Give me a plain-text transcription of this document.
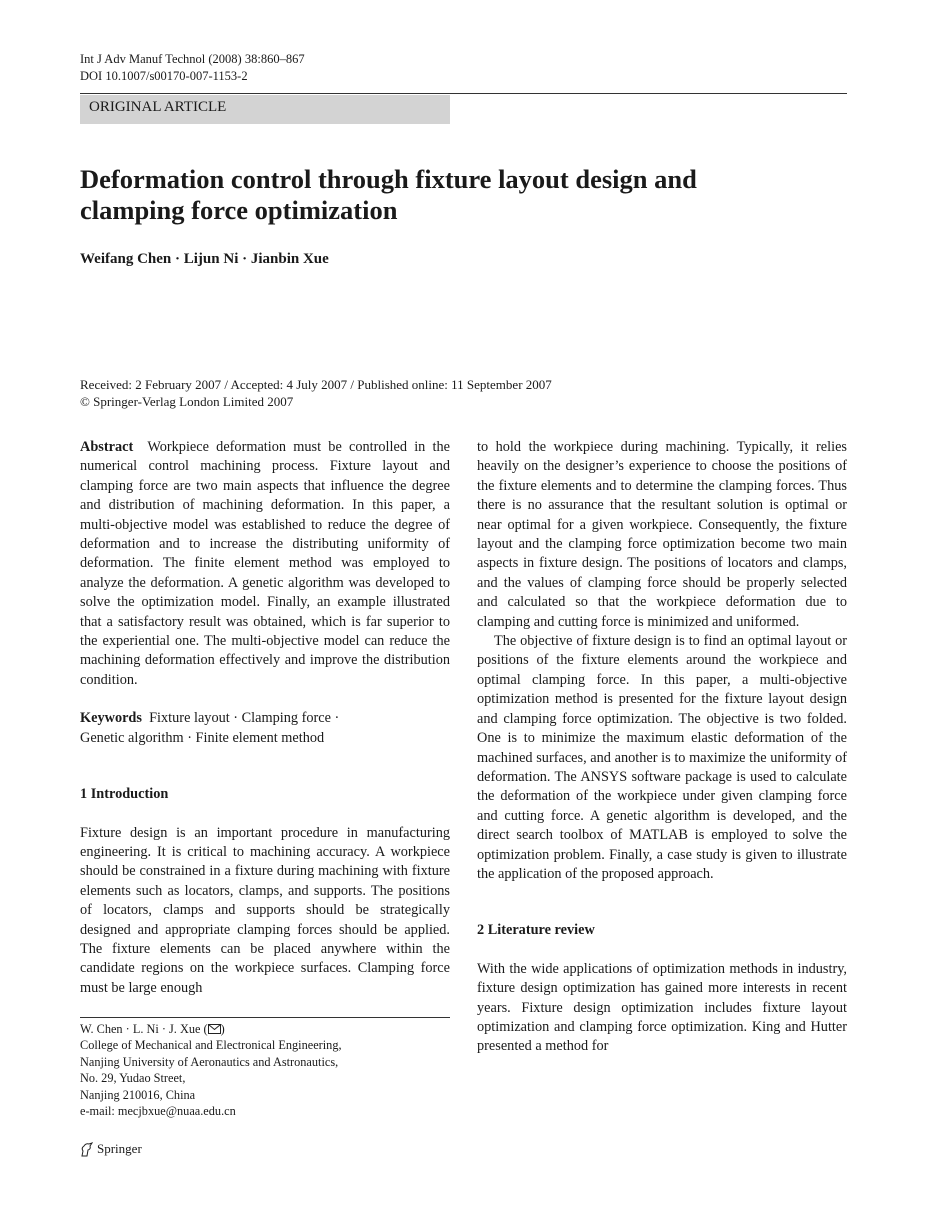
Int J Adv Manuf Technol (2008) 38:860–867
DOI 10.1007/s00170-007-1153-2
ORIGINAL ARTICLE
Deformation control through fixture layout design and clamping force optimization
Weifang Chen · Lijun Ni · Jianbin Xue
Received: 2 February 2007 / Accepted: 4 July 2007 / Published online: 11 September 2007
© Springer-Verlag London Limited 2007

Abstract Workpiece deformation must be controlled in the numerical control machining process. Fixture layout and clamping force are two main aspects that influence the degree and distribution of machining deformation. In this paper, a multi-objective model was established to reduce the degree of deformation and to increase the distributing uniformity of deformation. The finite element method was employed to analyze the deformation. A genetic algorithm was developed to solve the optimization model. Finally, an example illustrated that a satisfactory result was obtained, which is far superior to the experiential one. The multi-objective model can reduce the machining deformation effectively and improve the distribution condition.

Keywords Fixture layout · Clamping force ·
Genetic algorithm · Finite element method

1 Introduction

Fixture design is an important procedure in manufacturing engineering. It is critical to machining accuracy. A workpiece should be constrained in a fixture during machining with fixture elements such as locators, clamps, and supports. The positions of locators, clamps and supports should be strategically designed and appropriate clamping forces should be applied. The fixture elements can be placed anywhere within the candidate regions on the workpiece surfaces. Clamping force must be large enough

to hold the workpiece during machining. Typically, it relies heavily on the designer’s experience to choose the positions of the fixture elements and to determine the clamping forces. Thus there is no assurance that the resultant solution is optimal or near optimal for a given workpiece. Consequently, the fixture layout and the clamping force optimization become two main aspects in fixture design. The positions of locators and clamps, and the values of clamping force should be properly selected and calculated so that the workpiece deformation due to clamping and cutting force is minimized and uniformed.

The objective of fixture design is to find an optimal layout or positions of the fixture elements around the workpiece and optimal clamping force. In this paper, a multi-objective optimization method is presented for the fixture layout design and clamping force optimization. The objective is two folded. One is to minimize the maximum elastic deformation of the machined surfaces, and another is to maximize the uniformity of deformation. The ANSYS software package is used to calculate the deformation of the workpiece under given clamping force and cutting force. A genetic algorithm is developed, and the direct search toolbox of MATLAB is employed to solve the optimization problem. Finally, a case study is given to illustrate the application of the proposed approach.

2 Literature review

With the wide applications of optimization methods in industry, fixture design optimization has gained more interests in recent years. Fixture design optimization includes fixture layout optimization and clamping force optimization. King and Hutter presented a method for

W. Chen · L. Ni · J. Xue ( )
College of Mechanical and Electronical Engineering,
Nanjing University of Aeronautics and Astronautics,
No. 29, Yudao Street,
Nanjing 210016, China
e-mail: mecjbxue@nuaa.edu.cn
Springer
